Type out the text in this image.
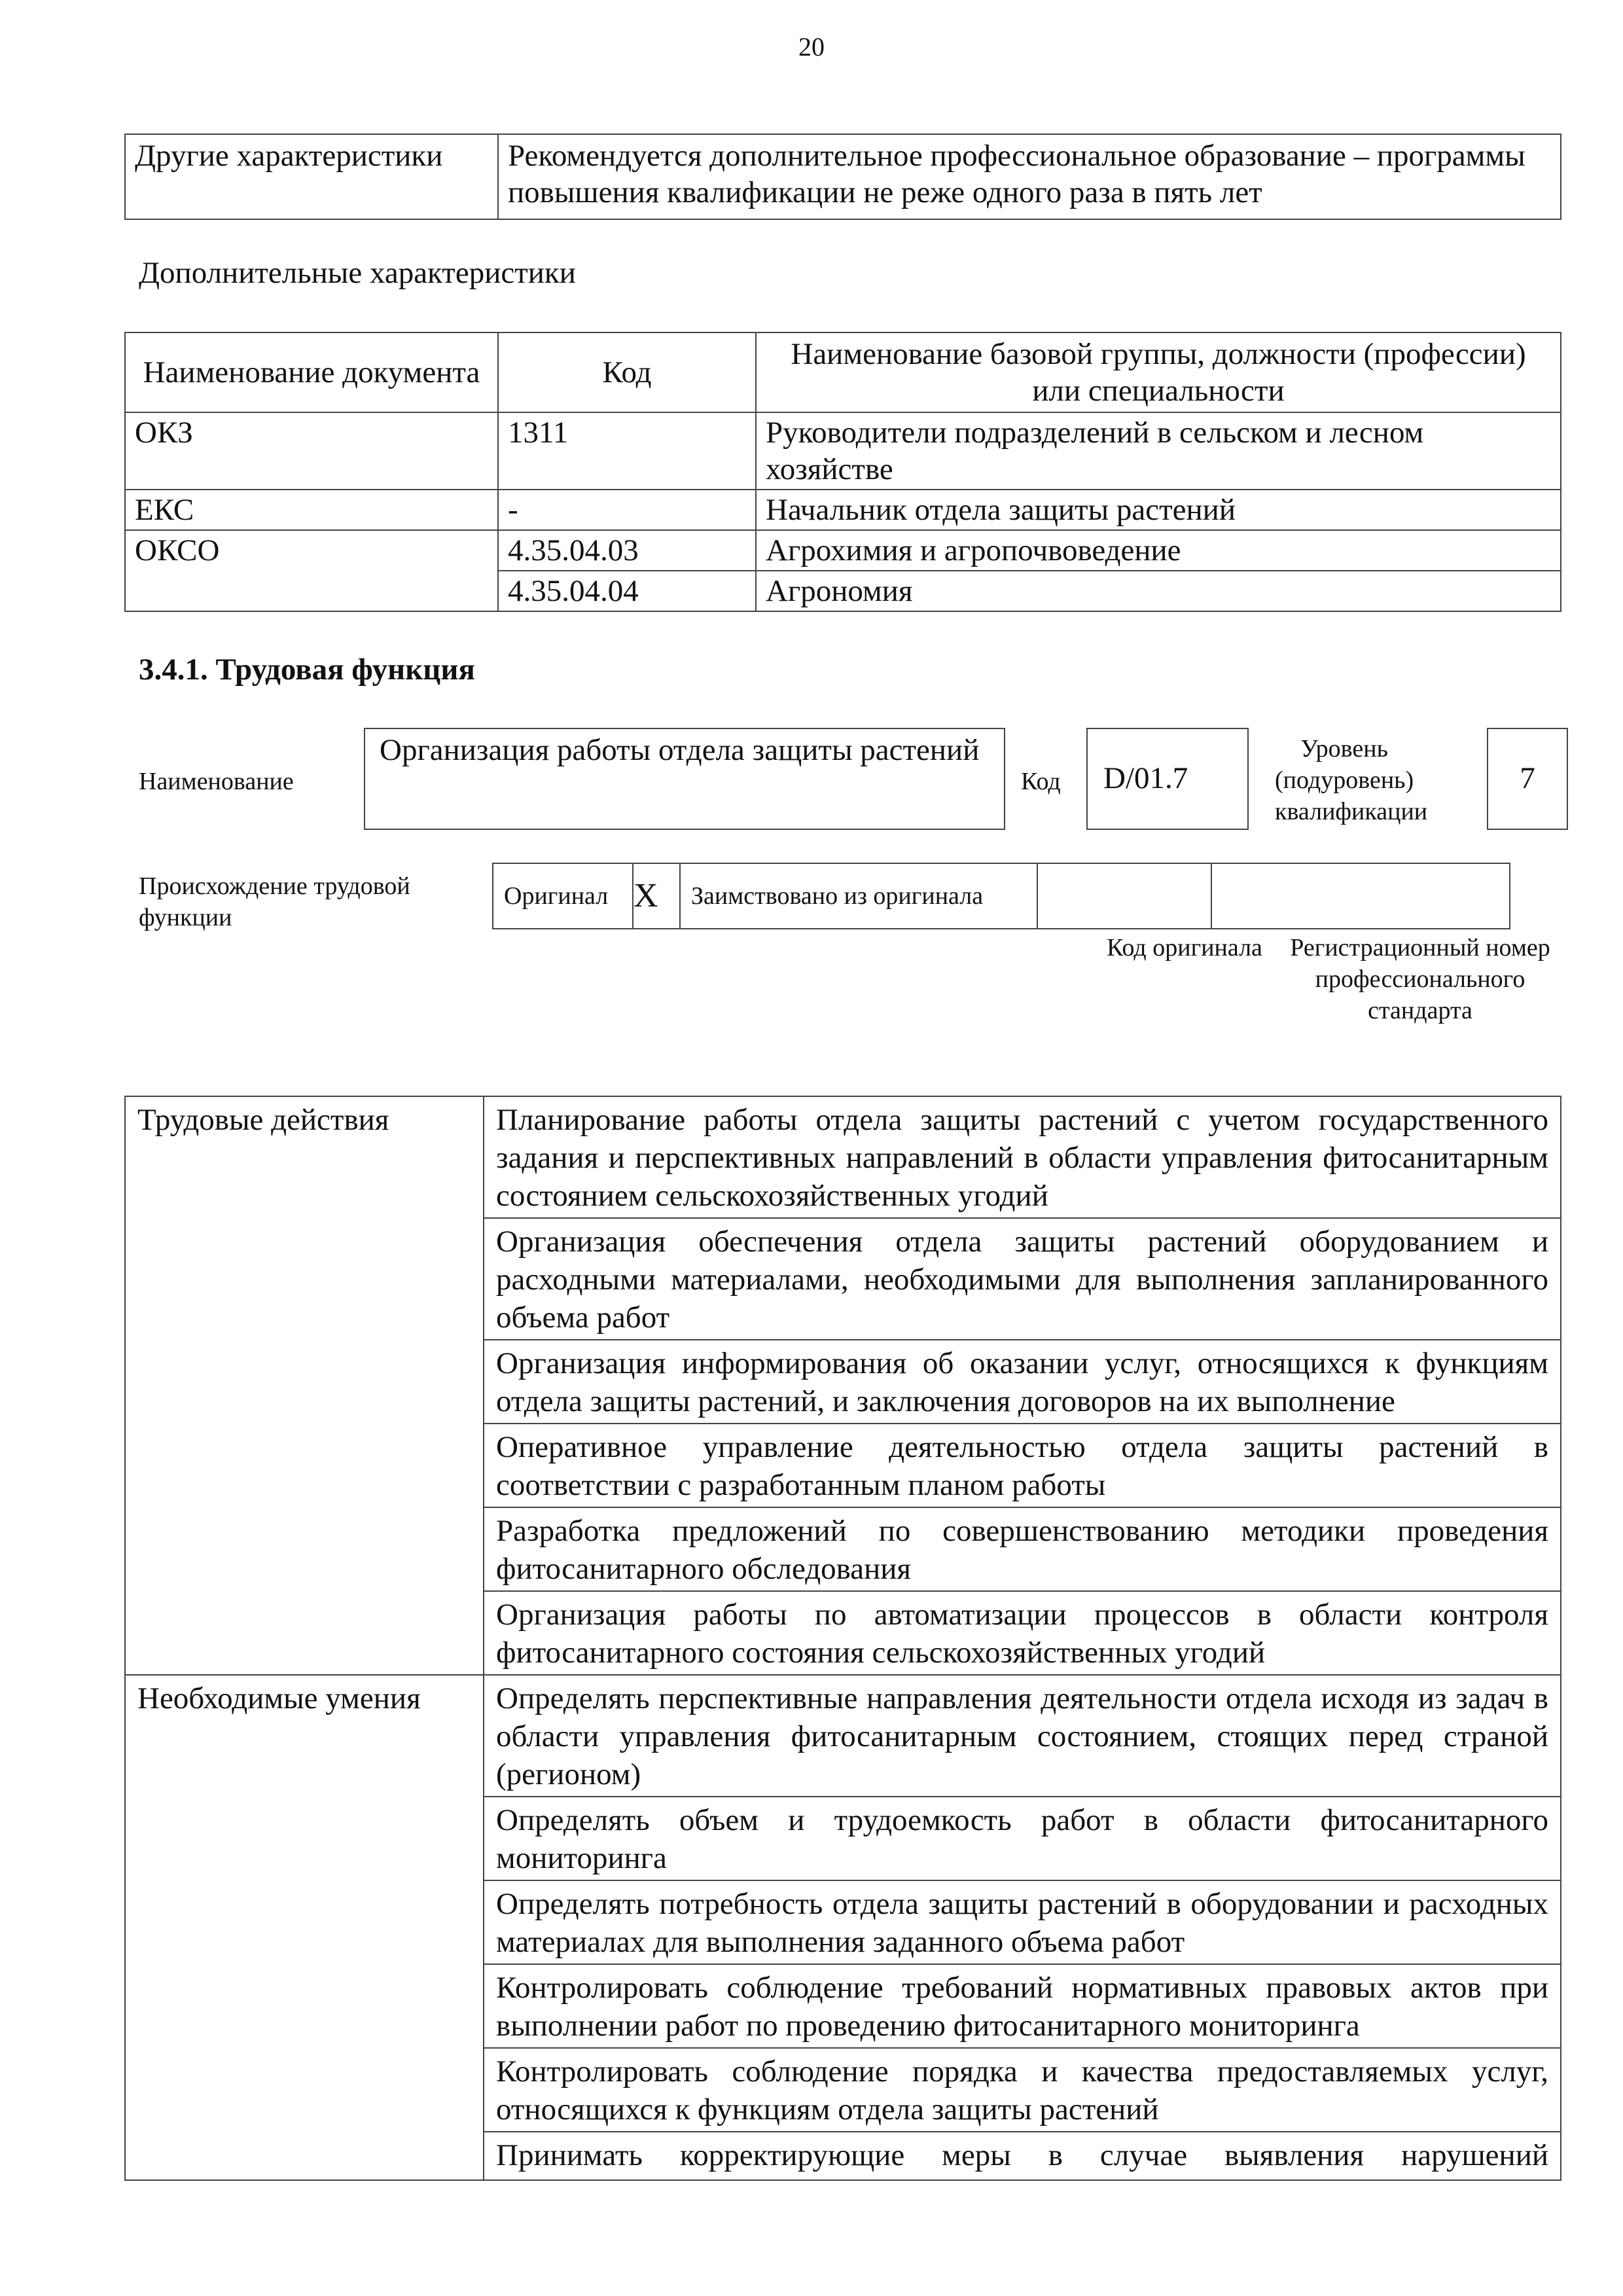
20
Другие характеристики	Рекомендуется дополнительное профессиональное образование – программы повышения квалификации не реже одного раза в пять лет
Дополнительные характеристики
Наименование документа	Код	Наименование базовой группы, должности (профессии) или специальности
ОКЗ	1311	Руководители подразделений в сельском и лесном хозяйстве
ЕКС	-	Начальник отдела защиты растений
ОКСО	4.35.04.03	Агрохимия и агропочвоведение
	4.35.04.04	Агрономия
3.4.1. Трудовая функция
Наименование
Организация работы отдела защиты растений
Код	D/01.7
Уровень (подуровень) квалификации
7
Происхождение трудовой функции
Оригинал	X	Заимствовано из оригинала		
Код оригинала Регистрационный номер профессионального стандарта
Трудовые действия	Планирование работы отдела защиты растений с учетом государственного задания и перспективных направлений в области управления фитосанитарным состоянием сельскохозяйственных угодий
	Организация обеспечения отдела защиты растений оборудованием и расходными материалами, необходимыми для выполнения запланированного объема работ
	Организация информирования об оказании услуг, относящихся к функциям отдела защиты растений, и заключения договоров на их выполнение
	Оперативное управление деятельностью отдела защиты растений в соответствии с разработанным планом работы
	Разработка предложений по совершенствованию методики проведения фитосанитарного обследования
	Организация работы по автоматизации процессов в области контроля фитосанитарного состояния сельскохозяйственных угодий
Необходимые умения	Определять перспективные направления деятельности отдела исходя из задач в области управления фитосанитарным состоянием, стоящих перед страной (регионом)
	Определять объем и трудоемкость работ в области фитосанитарного мониторинга
	Определять потребность отдела защиты растений в оборудовании и расходных материалах для выполнения заданного объема работ
	Контролировать соблюдение требований нормативных правовых актов при выполнении работ по проведению фитосанитарного мониторинга
	Контролировать соблюдение порядка и качества предоставляемых услуг, относящихся к функциям отдела защиты растений
	Принимать корректирующие меры в случае выявления нарушений
